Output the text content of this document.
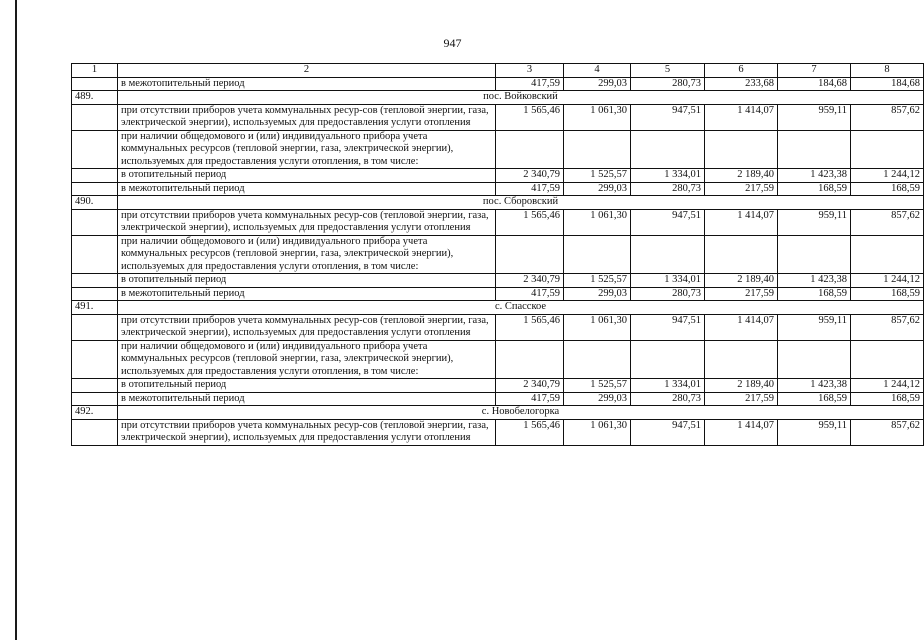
947
1	2	3	4	5	6	7	8
	в межотопительный период	417,59	299,03	280,73	233,68	184,68	184,68
489.	пос. Войковский						
	при отсутствии приборов учета коммунальных ресур-сов (тепловой энергии, газа, электрической энергии), используемых для предоставления услуги отопления	1 565,46	1 061,30	947,51	1 414,07	959,11	857,62
	при наличии общедомового и (или) индивидуального прибора учета коммунальных ресурсов (тепловой энергии, газа, электрической энергии), используемых для предоставления услуги отопления, в том числе:						
	в отопительный период	2 340,79	1 525,57	1 334,01	2 189,40	1 423,38	1 244,12
	в межотопительный период	417,59	299,03	280,73	217,59	168,59	168,59
490.	пос. Сборовский						
	при отсутствии приборов учета коммунальных ресур-сов (тепловой энергии, газа, электрической энергии), используемых для предоставления услуги отопления	1 565,46	1 061,30	947,51	1 414,07	959,11	857,62
	при наличии общедомового и (или) индивидуального прибора учета коммунальных ресурсов (тепловой энергии, газа, электрической энергии), используемых для предоставления услуги отопления, в том числе:						
	в отопительный период	2 340,79	1 525,57	1 334,01	2 189,40	1 423,38	1 244,12
	в межотопительный период	417,59	299,03	280,73	217,59	168,59	168,59
491.	с. Спасское						
	при отсутствии приборов учета коммунальных ресур-сов (тепловой энергии, газа, электрической энергии), используемых для предоставления услуги отопления	1 565,46	1 061,30	947,51	1 414,07	959,11	857,62
	при наличии общедомового и (или) индивидуального прибора учета коммунальных ресурсов (тепловой энергии, газа, электрической энергии), используемых для предоставления услуги отопления, в том числе:						
	в отопительный период	2 340,79	1 525,57	1 334,01	2 189,40	1 423,38	1 244,12
	в межотопительный период	417,59	299,03	280,73	217,59	168,59	168,59
492.	с. Новобелогорка						
	при отсутствии приборов учета коммунальных ресур-сов (тепловой энергии, газа, электрической энергии), используемых для предоставления услуги отопления	1 565,46	1 061,30	947,51	1 414,07	959,11	857,62
